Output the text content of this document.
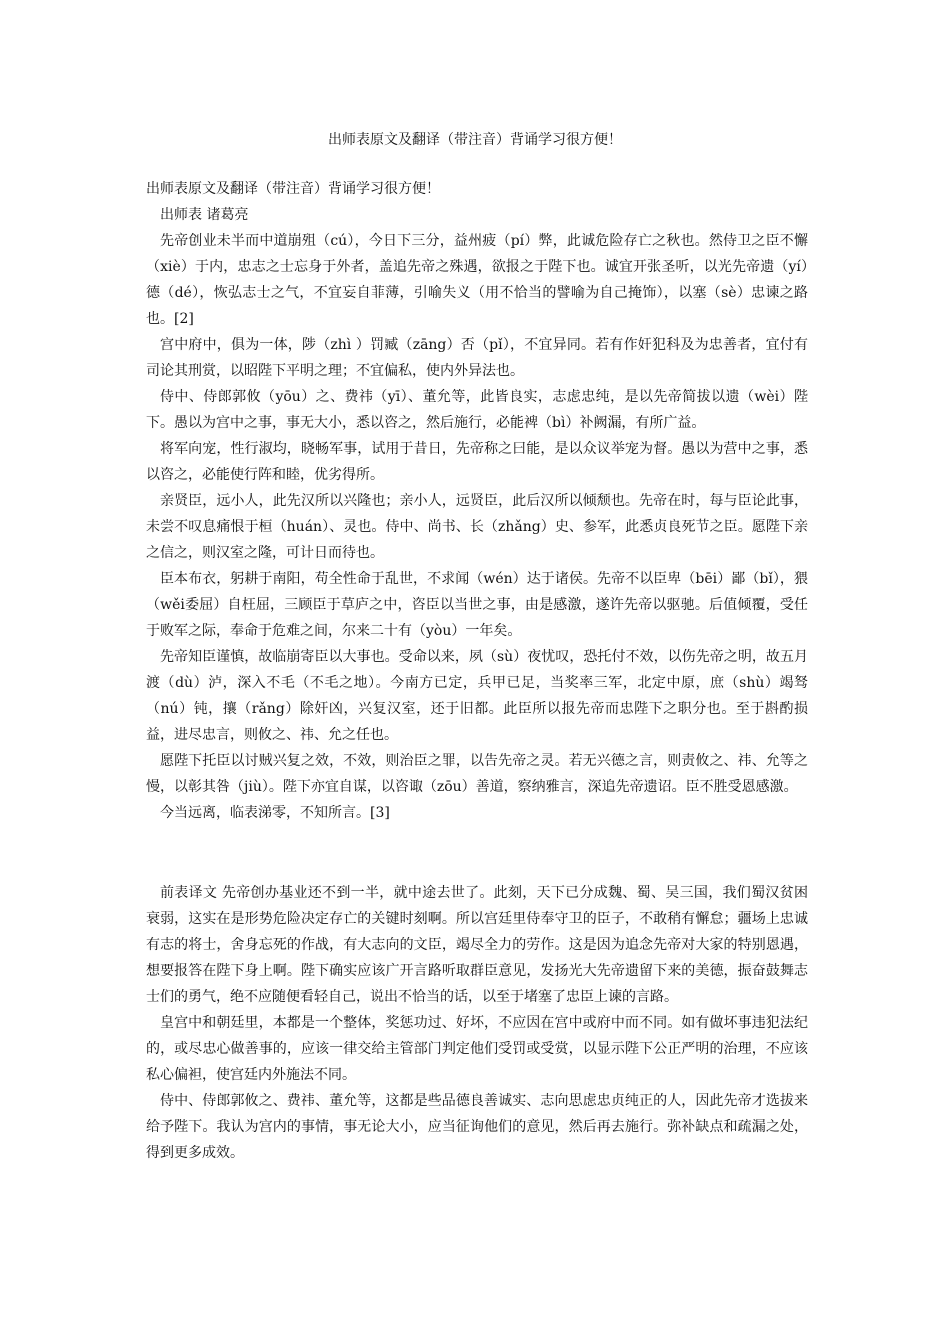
出师表原文及翻译（带注音）背诵学习很方便！

出师表原文及翻译（带注音）背诵学习很方便！

出师表 诸葛亮

先帝创业未半而中道崩殂（cú），今日下三分，益州疲（pí）弊，此诚危险存亡之秋也。然侍卫之臣不懈（xiè）于内，忠志之士忘身于外者，盖追先帝之殊遇，欲报之于陛下也。诚宜开张圣听，以光先帝遗（yí）德（dé），恢弘志士之气，不宜妄自菲薄，引喻失义（用不恰当的譬喻为自己掩饰），以塞（sè）忠谏之路也。[2]

宫中府中，俱为一体，陟（zhì ）罚臧（zāng）否（pǐ），不宜异同。若有作奸犯科及为忠善者，宜付有司论其刑赏，以昭陛下平明之理；不宜偏私，使内外异法也。

侍中、侍郎郭攸（yōu）之、费祎（yī）、董允等，此皆良实，志虑忠纯，是以先帝简拔以遗（wèi）陛下。愚以为宫中之事，事无大小，悉以咨之，然后施行，必能裨（bì）补阙漏，有所广益。

将军向宠，性行淑均，晓畅军事，试用于昔日，先帝称之曰能，是以众议举宠为督。愚以为营中之事，悉以咨之，必能使行阵和睦，优劣得所。

亲贤臣，远小人，此先汉所以兴隆也；亲小人，远贤臣，此后汉所以倾颓也。先帝在时，每与臣论此事，未尝不叹息痛恨于桓（huán）、灵也。侍中、尚书、长（zhǎng）史、参军，此悉贞良死节之臣。愿陛下亲之信之，则汉室之隆，可计日而待也。

臣本布衣，躬耕于南阳，苟全性命于乱世，不求闻（wén）达于诸侯。先帝不以臣卑（bēi）鄙（bǐ），猥（wěi委屈）自枉屈，三顾臣于草庐之中，咨臣以当世之事，由是感激，遂许先帝以驱驰。后值倾覆，受任于败军之际，奉命于危难之间，尔来二十有（yòu）一年矣。

先帝知臣谨慎，故临崩寄臣以大事也。受命以来，夙（sù）夜忧叹，恐托付不效，以伤先帝之明，故五月渡（dù）泸，深入不毛（不毛之地）。今南方已定，兵甲已足，当奖率三军，北定中原，庶（shù）竭驽（nú）钝，攘（rǎng）除奸凶，兴复汉室，还于旧都。此臣所以报先帝而忠陛下之职分也。至于斟酌损益，进尽忠言，则攸之、祎、允之任也。

愿陛下托臣以讨贼兴复之效，不效，则治臣之罪，以告先帝之灵。若无兴德之言，则责攸之、祎、允等之慢，以彰其咎（jiù）。陛下亦宜自谋，以咨诹（zōu）善道，察纳雅言，深追先帝遗诏。臣不胜受恩感激。

今当远离，临表涕零，不知所言。[3]

前表译文 先帝创办基业还不到一半，就中途去世了。此刻，天下已分成魏、蜀、吴三国，我们蜀汉贫困衰弱，这实在是形势危险决定存亡的关键时刻啊。所以宫廷里侍奉守卫的臣子，不敢稍有懈怠；疆场上忠诚有志的将士，舍身忘死的作战，有大志向的文臣，竭尽全力的劳作。这是因为追念先帝对大家的特别恩遇，想要报答在陛下身上啊。陛下确实应该广开言路听取群臣意见，发扬光大先帝遗留下来的美德，振奋鼓舞志士们的勇气，绝不应随便看轻自己，说出不恰当的话，以至于堵塞了忠臣上谏的言路。

皇宫中和朝廷里，本都是一个整体，奖惩功过、好坏，不应因在宫中或府中而不同。如有做坏事违犯法纪的，或尽忠心做善事的，应该一律交给主管部门判定他们受罚或受赏，以显示陛下公正严明的治理，不应该私心偏袒，使宫廷内外施法不同。

侍中、侍郎郭攸之、费祎、董允等，这都是些品德良善诚实、志向思虑忠贞纯正的人，因此先帝才选拔来给予陛下。我认为宫内的事情，事无论大小，应当征询他们的意见，然后再去施行。弥补缺点和疏漏之处，得到更多成效。
